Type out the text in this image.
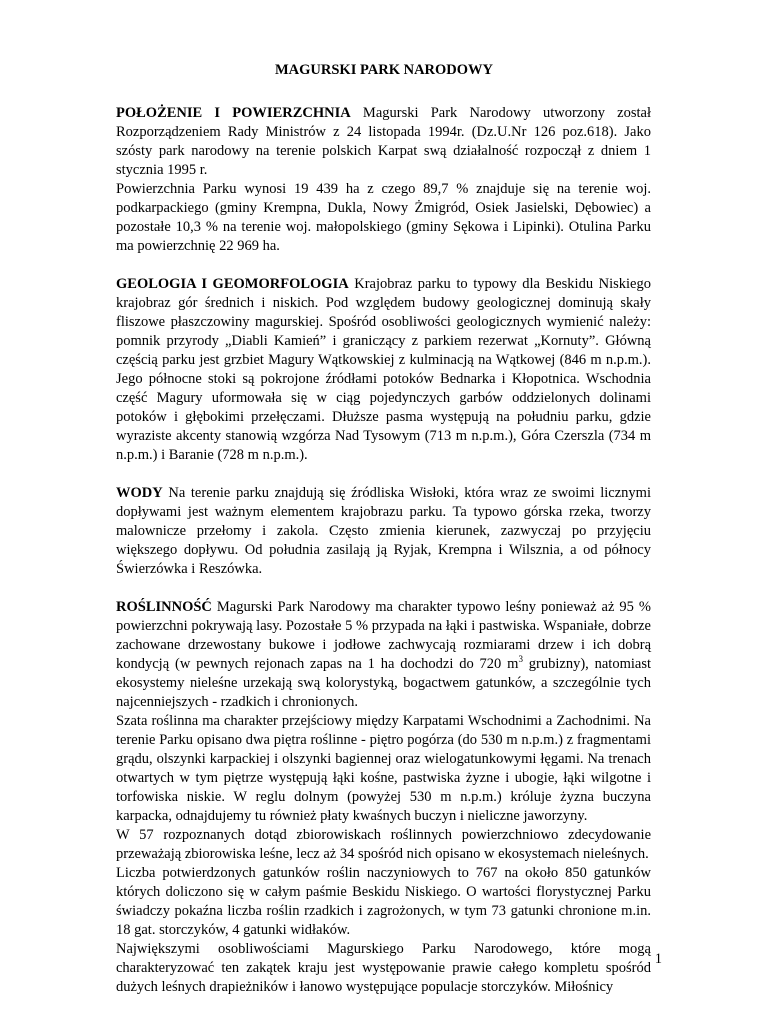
MAGURSKI PARK NARODOWY

POŁOŻENIE I POWIERZCHNIA Magurski Park Narodowy utworzony został Rozporządzeniem Rady Ministrów z 24 listopada 1994r. (Dz.U.Nr 126 poz.618). Jako szósty park narodowy na terenie polskich Karpat swą działalność rozpoczął z dniem 1 stycznia 1995 r.

Powierzchnia Parku wynosi 19 439 ha z czego 89,7 % znajduje się na terenie woj. podkarpackiego (gminy Krempna, Dukla, Nowy Żmigród, Osiek Jasielski, Dębowiec) a pozostałe 10,3 % na terenie woj. małopolskiego (gminy Sękowa i Lipinki). Otulina Parku ma powierzchnię 22 969 ha.

GEOLOGIA I GEOMORFOLOGIA Krajobraz parku to typowy dla Beskidu Niskiego krajobraz gór średnich i niskich. Pod względem budowy geologicznej dominują skały fliszowe płaszczowiny magurskiej. Spośród osobliwości geologicznych wymienić należy: pomnik przyrody „Diabli Kamień” i graniczący z parkiem rezerwat „Kornuty”. Główną częścią parku jest grzbiet Magury Wątkowskiej z kulminacją na Wątkowej (846 m n.p.m.). Jego północne stoki są pokrojone źródłami potoków Bednarka i Kłopotnica. Wschodnia część Magury uformowała się w ciąg pojedynczych garbów oddzielonych dolinami potoków i głębokimi przełęczami. Dłuższe pasma występują na południu parku, gdzie wyraziste akcenty stanowią wzgórza Nad Tysowym (713 m n.p.m.), Góra Czerszla (734 m n.p.m.) i Baranie (728 m n.p.m.).

WODY Na terenie parku znajdują się źródliska Wisłoki, która wraz ze swoimi licznymi dopływami jest ważnym elementem krajobrazu parku. Ta typowo górska rzeka, tworzy malownicze przełomy i zakola. Często zmienia kierunek, zazwyczaj po przyjęciu większego dopływu. Od południa zasilają ją Ryjak, Krempna i Wilsznia, a od północy Świerzówka i Reszówka.

ROŚLINNOŚĆ Magurski Park Narodowy ma charakter typowo leśny ponieważ aż 95 % powierzchni pokrywają lasy. Pozostałe 5 % przypada na łąki i pastwiska. Wspaniałe, dobrze zachowane drzewostany bukowe i jodłowe zachwycają rozmiarami drzew i ich dobrą kondycją (w pewnych rejonach zapas na 1 ha dochodzi do 720 $m^3$ grubizny), natomiast ekosystemy nieleśne urzekają swą kolorystyką, bogactwem gatunków, a szczególnie tych najcenniejszych - rzadkich i chronionych.

Szata roślinna ma charakter przejściowy między Karpatami Wschodnimi a Zachodnimi. Na terenie Parku opisano dwa piętra roślinne - piętro pogórza (do 530 m n.p.m.) z fragmentami grądu, olszynki karpackiej i olszynki bagiennej oraz wielogatunkowymi łęgami. Na trenach otwartych w tym piętrze występują łąki kośne, pastwiska żyzne i ubogie, łąki wilgotne i torfowiska niskie. W reglu dolnym (powyżej 530 m n.p.m.) króluje żyzna buczyna karpacka, odnajdujemy tu również płaty kwaśnych buczyn i nieliczne jaworzyny.

W 57 rozpoznanych dotąd zbiorowiskach roślinnych powierzchniowo zdecydowanie przeważają zbiorowiska leśne, lecz aż 34 spośród nich opisano w ekosystemach nieleśnych.

Liczba potwierdzonych gatunków roślin naczyniowych to 767 na około 850 gatunków których doliczono się w całym paśmie Beskidu Niskiego. O wartości florystycznej Parku świadczy pokaźna liczba roślin rzadkich i zagrożonych, w tym 73 gatunki chronione m.in. 18 gat. storczyków, 4 gatunki widłaków.

Największymi osobliwościami Magurskiego Parku Narodowego, które mogą charakteryzować ten zakątek kraju jest występowanie prawie całego kompletu spośród dużych leśnych drapieżników i łanowo występujące populacje storczyków. Miłośnicy

1
